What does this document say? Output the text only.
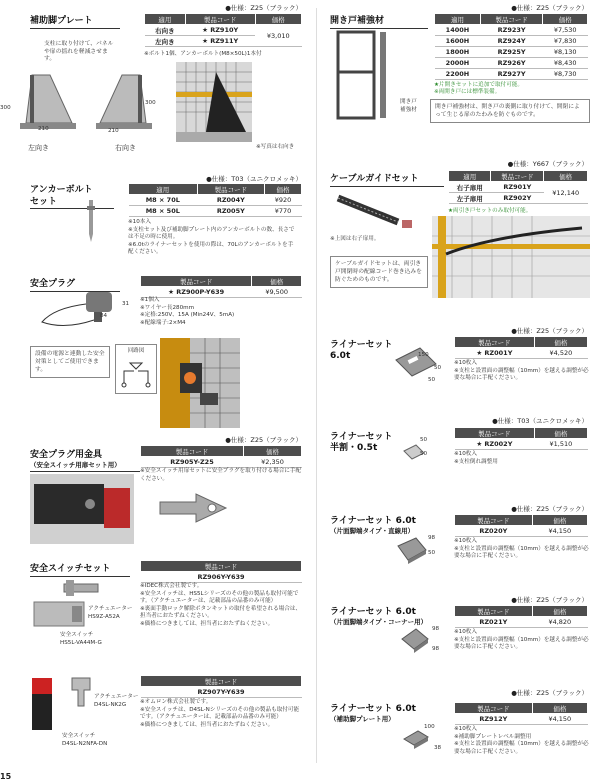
●仕様：Z25（ブラック）
補助脚プレート
支柱に取り付けて、パネルや扉の揺れを軽減させます。
適用	製品コード	価格
右向き	★ RZ910Y	¥3,010
左向き	★ RZ911Y	
※ボルト1個、アンカーボルト(M8×50L)1本付
300
210
300
210
左向き	右向き	※写真は右向き
●仕様：Z25（ブラック）
開き戸補強材	適用	製品コード	価格
1400H	RZ923Y	¥7,530
1600H	RZ924Y	¥7,830
1800H	RZ925Y	¥8,130
2000H	RZ926Y	¥8,430
2200H	RZ927Y	¥8,730
★片開きセットに追加で取付可能。
※両開き戸には標準装備。
開き戸
補強材	開き戸補強材は、開き戸の裏側に取り付けて、開閉によって生じる扉のたわみを防ぐものです。
●仕様：T03（ユニクロメッキ）
アンカーボルト
セット
適用	製品コード	価格
M8 × 70L	RZ004Y	¥920
M8 × 50L	RZ005Y	¥770
※10本入
※支柱セット及び補助脚プレート内のアンカーボルトの数、長さでは不足の時に使用。
※6.0tのライナーセットを使用の際は、70Lのアンカーボルトを手配ください。
●仕様：Y667（ブラック）
ケーブルガイドセット	適用	製品コード	価格
右子扉用	RZ901Y	¥12,140
左子扉用	RZ902Y	
★両引き戸セットのみ取付可能。
※上図は右子扉用。
ケーブルガイドセットは、両引き戸開閉時の配線コード巻き込みを防ぐためのものです。
安全プラグ	製品コード	価格
★ RZ900P-Y639	¥9,500
31
84
※1個入
※ワイヤー長280mm
※定格:250V、15A (Min24V、5mA)
※配線端子:2×M4
設備の電源と連動した安全対策としてご使用できます。
回路図
●仕様：Z25（ブラック）
安全プラグ用金具
（安全スイッチ用扉セット用）
製品コード	価格
RZ905Y-Z25	¥2,350
※安全スイッチ用扉セットに安全プラグを取り付ける場合に手配ください。
安全スイッチセット	製品コード
RZ906Y-Y639
※IDEC株式会社製です。
※安全スイッチは、HS5Lシリーズのその他の製品も取付可能です。（アクチュエーターは、記載部品の品番のみ可能）
※裏面手動ロック解除ボタンキットの取付を希望される場合は、担当者におたずねください。
※価格につきましては、担当者におたずねください。
アクチュエーター
HS9Z-A52A
安全スイッチ
HS5L-VA44M-G
製品コード
RZ907Y-Y639
※オムロン株式会社製です。
※安全スイッチは、D4SL-Nシリーズのその他の製品も取付可能です。（アクチュエーターは、記載部品の品番のみ可能）
※価格につきましては、担当者におたずねください。
アクチュエーター
D4SL-NK2G
安全スイッチ
D4SL-N2NFA-DN
●仕様：Z25（ブラック）
ライナーセット
6.0t
製品コード	価格
★ RZ001Y	¥4,520
150
50
50
※10枚入
※支柱と設置面の調整幅（10mm）を越える調整が必要な場合に手配ください。
●仕様：T03（ユニクロメッキ）
ライナーセット
半割・0.5t
製品コード	価格
★ RZ002Y	¥1,510
50
50	※10枚入
※支柱倒れ調整用
●仕様：Z25（ブラック）
ライナーセット 6.0t
（片面脚端タイプ・直線用）
製品コード	価格
RZ020Y	¥4,150
98
50
※10枚入
※支柱と設置面の調整幅（10mm）を越える調整が必要な場合に手配ください。
●仕様：Z25（ブラック）
ライナーセット 6.0t
（片面脚端タイプ・コーナー用）
製品コード	価格
RZ021Y	¥4,820
98
98
※10枚入
※支柱と設置面の調整幅（10mm）を越える調整が必要な場合に手配ください。
●仕様：Z25（ブラック）
ライナーセット 6.0t
（補助脚プレート用）
製品コード	価格
RZ912Y	¥4,150
100
38
※10枚入
※補助脚プレートレベル調整用
※支柱と設置面の調整幅（10mm）を越える調整が必要な場合に手配ください。
15
